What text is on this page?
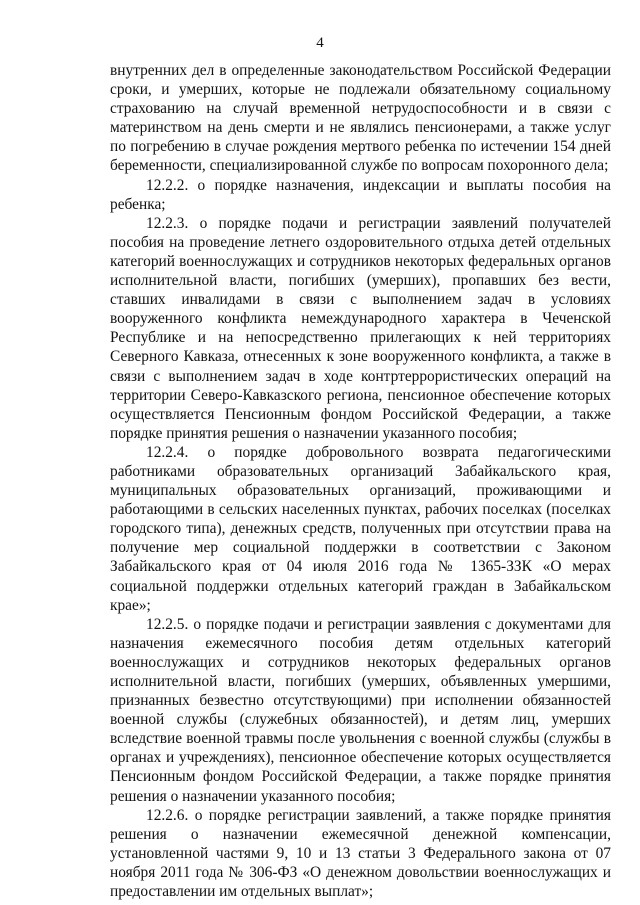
4

внутренних дел в определенные законодательством Российской Федерации сроки, и умерших, которые не подлежали обязательному социальному страхованию на случай временной нетрудоспособности и в связи с материнством на день смерти и не являлись пенсионерами, а также услуг по погребению в случае рождения мертвого ребенка по истечении 154 дней беременности, специализированной службе по вопросам похоронного дела;

12.2.2. о порядке назначения, индексации и выплаты пособия на ребенка;

12.2.3. о порядке подачи и регистрации заявлений получателей пособия на проведение летнего оздоровительного отдыха детей отдельных категорий военнослужащих и сотрудников некоторых федеральных органов исполнительной власти, погибших (умерших), пропавших без вести, ставших инвалидами в связи с выполнением задач в условиях вооруженного конфликта немеждународного характера в Чеченской Республике и на непосредственно прилегающих к ней территориях Северного Кавказа, отнесенных к зоне вооруженного конфликта, а также в связи с выполнением задач в ходе контртеррористических операций на территории Северо-Кавказского региона, пенсионное обеспечение которых осуществляется Пенсионным фондом Российской Федерации, а также порядке принятия решения о назначении указанного пособия;

12.2.4. о порядке добровольного возврата педагогическими работниками образовательных организаций Забайкальского края, муниципальных образовательных организаций, проживающими и работающими в сельских населенных пунктах, рабочих поселках (поселках городского типа), денежных средств, полученных при отсутствии права на получение мер социальной поддержки в соответствии с Законом Забайкальского края от 04 июля 2016 года № 1365-ЗЗК «О мерах социальной поддержки отдельных категорий граждан в Забайкальском крае»;

12.2.5. о порядке подачи и регистрации заявления с документами для назначения ежемесячного пособия детям отдельных категорий военнослужащих и сотрудников некоторых федеральных органов исполнительной власти, погибших (умерших, объявленных умершими, признанных безвестно отсутствующими) при исполнении обязанностей военной службы (служебных обязанностей), и детям лиц, умерших вследствие военной травмы после увольнения с военной службы (службы в органах и учреждениях), пенсионное обеспечение которых осуществляется Пенсионным фондом Российской Федерации, а также порядке принятия решения о назначении указанного пособия;

12.2.6. о порядке регистрации заявлений, а также порядке принятия решения о назначении ежемесячной денежной компенсации, установленной частями 9, 10 и 13 статьи 3 Федерального закона от 07 ноября 2011 года № 306-ФЗ «О денежном довольствии военнослужащих и предоставлении им отдельных выплат»;
